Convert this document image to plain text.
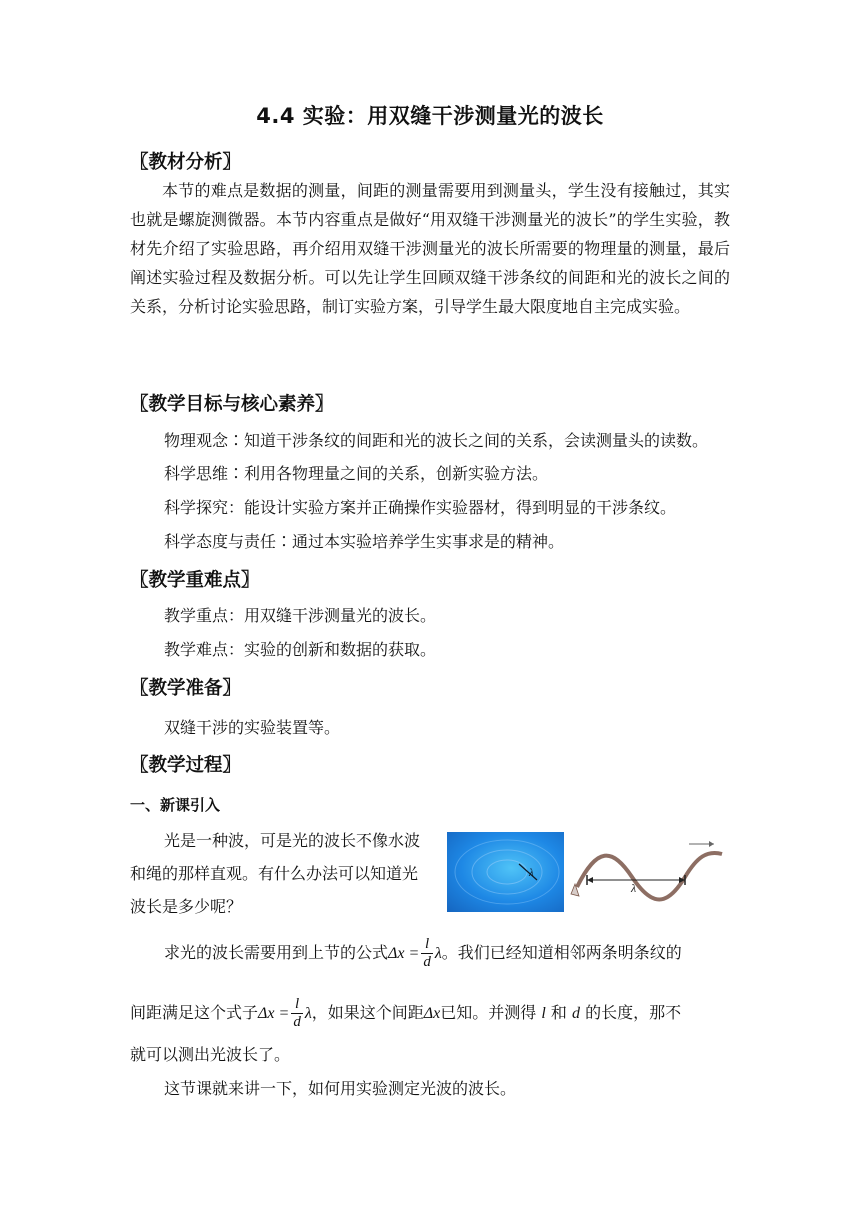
4.4 实验：用双缝干涉测量光的波长
〖教材分析〗

本节的难点是数据的测量，间距的测量需要用到测量头，学生没有接触过，其实也就是螺旋测微器。本节内容重点是做好“用双缝干涉测量光的波长”的学生实验，教材先介绍了实验思路，再介绍用双缝干涉测量光的波长所需要的物理量的测量，最后阐述实验过程及数据分析。可以先让学生回顾双缝干涉条纹的间距和光的波长之间的关系，分析讨论实验思路，制订实验方案，引导学生最大限度地自主完成实验。

〖教学目标与核心素养〗
物理观念∶知道干涉条纹的间距和光的波长之间的关系，会读测量头的读数。
科学思维∶利用各物理量之间的关系，创新实验方法。
科学探究：能设计实验方案并正确操作实验器材，得到明显的干涉条纹。
科学态度与责任∶通过本实验培养学生实事求是的精神。
〖教学重难点〗
教学重点：用双缝干涉测量光的波长。
教学难点：实验的创新和数据的获取。
〖教学准备〗
双缝干涉的实验装置等。
〖教学过程〗
一、新课引入
光是一种波，可是光的波长不像水波
和绳的那样直观。有什么办法可以知道光
波长是多少呢？
λ
λ
求光的波长需要用到上节的公式$\Delta x = \frac{l}{d}$ λ。我们已经知道相邻两条明条纹的
间距满足这个式子$\Delta x = \frac{l}{d}$ λ，如果这个间距Δx已知。并测得 l 和 d 的长度，那不
就可以测出光波长了。
这节课就来讲一下，如何用实验测定光波的波长。
